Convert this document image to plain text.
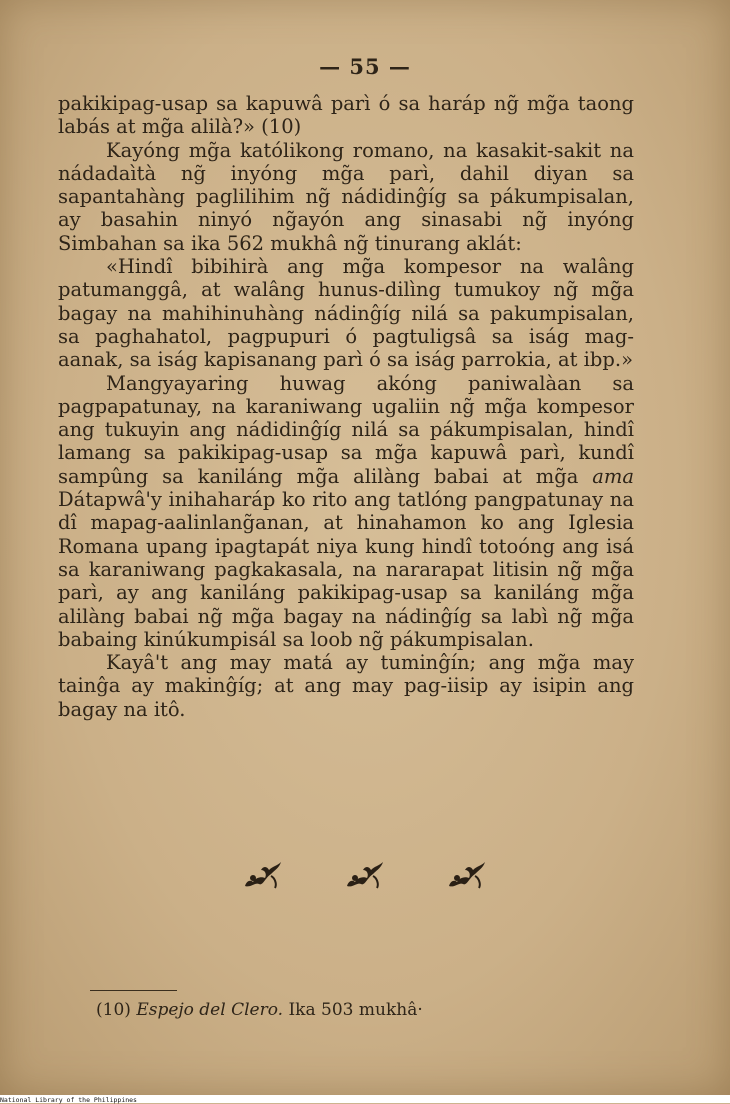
— 55 —

pakikipag-usap sa kapuwâ parì ó sa haráp ng̃ mg̃a taong labás at mg̃a alilà?» (10)

Kayóng mg̃a katólikong romano, na kasakit-sakit na nádadaìtà ng̃ inyóng mg̃a parì, dahil diyan sa sapantahàng paglilihim ng̃ nádidinĝíg sa pákumpisalan, ay basahin ninyó ng̃ayón ang sinasabi ng̃ inyóng Simbahan sa ika 562 mukhâ ng̃ tinurang aklát:

«Hindî bibihirà ang mg̃a kompesor na walâng patumanggâ, at walâng hunus-dilìng tumukoy ng̃ mg̃a bagay na mahihinuhàng nádinĝíg nilá sa pakumpisalan, sa paghahatol, pagpupuri ó pagtuligsâ sa iság mag-aanak, sa iság kapisanang parì ó sa iság parrokia, at ibp.»

Mangyayaring huwag akóng paniwalàan sa pagpapatunay, na karaniwang ugaliin ng̃ mg̃a kompesor ang tukuyin ang nádidinĝíg nilá sa pákumpisalan, hindî lamang sa pakikipag-usap sa mg̃a kapuwâ parì, kundî sampûng sa kaniláng mg̃a alilàng babai at mg̃a ama Dátapwâ'y inihaharáp ko rito ang tatlóng pangpatunay na dî mapag-aalinlang̃anan, at hinahamon ko ang Iglesia Romana upang ipagtapát niya kung hindî totoóng ang isá sa karaniwang pagkakasala, na nararapat litisin ng̃ mg̃a parì, ay ang kaniláng pakikipag-usap sa kaniláng mg̃a alilàng babai ng̃ mg̃a bagay na nádinĝíg sa labì ng̃ mg̃a babaing kinúkumpisál sa loob ng̃ pákumpisalan.

Kayâ't ang may matá ay tuminĝín; ang mg̃a may tainĝa ay makinĝíg; at ang may pag-iisip ay isipin ang bagay na itô.

(10) Espejo del Clero. Ika 503 mukhâ·
National Library of the Philippines
